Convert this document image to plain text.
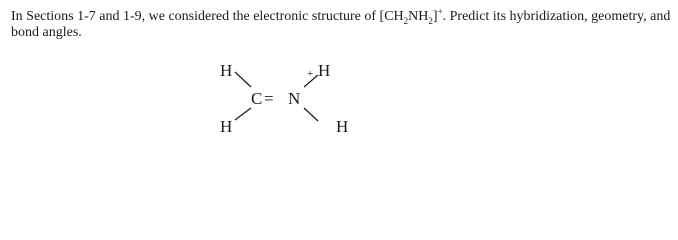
In Sections 1-7 and 1-9, we considered the electronic structure of $[CH_2NH_2]^+$. Predict its hybridization, geometry, and bond angles.

H
H
C = N
+ H
H
